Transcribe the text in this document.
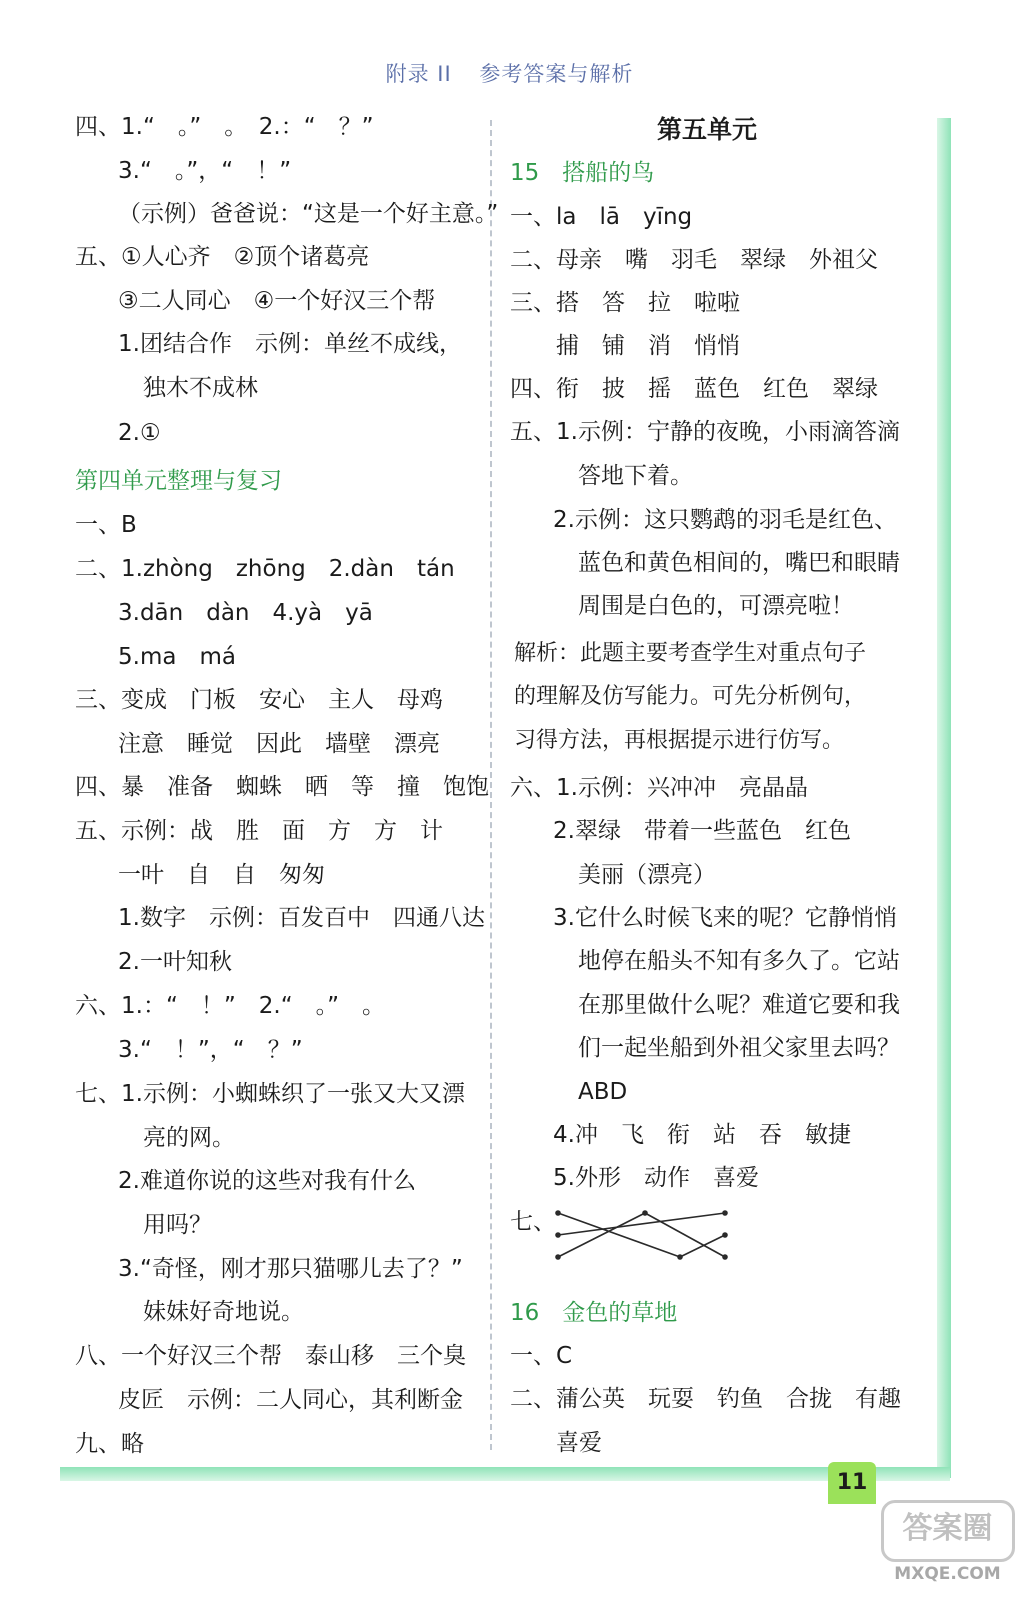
附录 II 参考答案与解析
11
答案圈
MXQE.COM
四、1.“　。”　。　2.：“　？”
3.“　。”，“　！”
（示例）爸爸说：“这是一个好主意。”
五、①人心齐　②顶个诸葛亮
③二人同心　④一个好汉三个帮
1.团结合作　示例：单丝不成线，
独木不成林
2.①
第四单元整理与复习
一、B
二、1.zhòng　zhōng　2.dàn　tán
3.dān　dàn　4.yà　yā
5.ma　má
三、变成　门板　安心　主人　母鸡
注意　睡觉　因此　墙壁　漂亮
四、暴　准备　蜘蛛　晒　等　撞　饱饱
五、示例：战　胜　面　方　方　计
一叶　自　自　匆匆
1.数字　示例：百发百中　四通八达
2.一叶知秋
六、1.：“　！”　2.“　。”　。
3.“　！”，“　？”
七、1.示例：小蜘蛛织了一张又大又漂
亮的网。
2.难道你说的这些对我有什么
用吗？
3.“奇怪，刚才那只猫哪儿去了？”
妹妹好奇地说。
八、一个好汉三个帮　泰山移　三个臭
皮匠　示例：二人同心，其利断金
九、略
第五单元
15　搭船的鸟
一、la　lā　yīng
二、母亲　嘴　羽毛　翠绿　外祖父
三、搭　答　拉　啦啦
捕　铺　消　悄悄
四、衔　披　摇　蓝色　红色　翠绿
五、1.示例：宁静的夜晚，小雨滴答滴
答地下着。
2.示例：这只鹦鹉的羽毛是红色、
蓝色和黄色相间的，嘴巴和眼睛
周围是白色的，可漂亮啦！
解析：此题主要考查学生对重点句子
的理解及仿写能力。可先分析例句，
习得方法，再根据提示进行仿写。
六、1.示例：兴冲冲　亮晶晶
2.翠绿　带着一些蓝色　红色
美丽（漂亮）
3.它什么时候飞来的呢？它静悄悄
地停在船头不知有多久了。它站
在那里做什么呢？难道它要和我
们一起坐船到外祖父家里去吗？
ABD
4.冲　飞　衔　站　吞　敏捷
5.外形　动作　喜爱
七、
16　金色的草地
一、C
二、蒲公英　玩耍　钓鱼　合拢　有趣
喜爱
